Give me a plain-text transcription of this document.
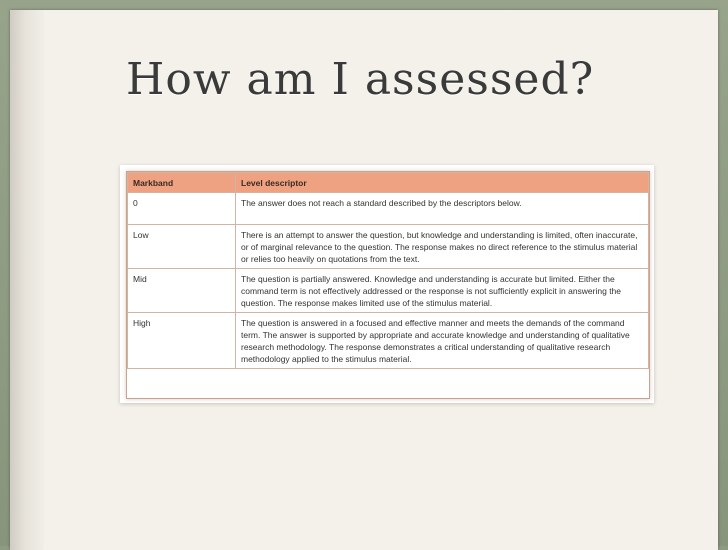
How am I assessed?
Markband	Level descriptor
0	The answer does not reach a standard described by the descriptors below.
Low	There is an attempt to answer the question, but knowledge and understanding is limited, often inaccurate, or of marginal relevance to the question. The response makes no direct reference to the stimulus material or relies too heavily on quotations from the text.
Mid	The question is partially answered. Knowledge and understanding is accurate but limited. Either the command term is not effectively addressed or the response is not sufficiently explicit in answering the question. The response makes limited use of the stimulus material.
High	The question is answered in a focused and effective manner and meets the demands of the command term. The answer is supported by appropriate and accurate knowledge and understanding of qualitative research methodology. The response demonstrates a critical understanding of qualitative research methodology applied to the stimulus material.
